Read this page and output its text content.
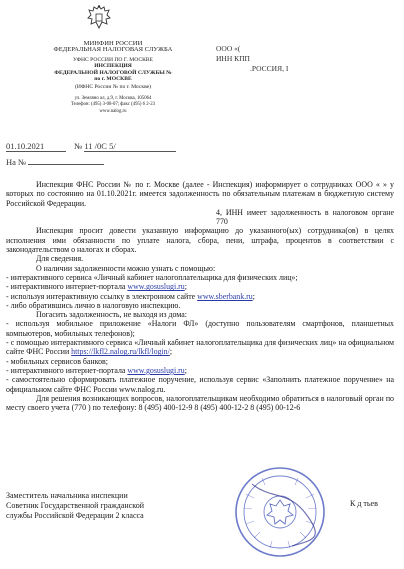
МИНФИН РОССИИ
ФЕДЕРАЛЬНАЯ НАЛОГОВАЯ СЛУЖБА
УФНС РОССИИ ПО Г. МОСКВЕ
ИНСПЕКЦИЯ
ФЕДЕРАЛЬНОЙ НАЛОГОВОЙ СЛУЖБЫ №
по г. МОСКВЕ
(ИФНС России № по г. Москве)
ул. Земляно ал, д.9, г. Москва, 105064
Телефон: (495) 3-08-07; факс (495) 6 2-23
www.nalog.ru
ООО «(
ИНН КПП
.РОССИЯ, I
01.10.2021	№ 11 /0C 5/
На №

Инспекция ФНС России № по г. Москве (далее - Инспекция) информирует о сотрудниках ООО « » у которых по состоянию на 01.10.2021г. имеется задолженность по обязательным платежам в бюджетную систему Российской Федерации.

4, ИНН имеет задолженность в налоговом органе 770

Инспекция просит довести указанную информацию до указанного(ых) сотрудника(ов) в целях исполнения ими обязанности по уплате налога, сбора, пени, штрафа, процентов в соответствии с законодательством о налогах и сборах.

Для сведения.

О наличии задолженности можно узнать с помощью:

- интерактивного сервиса «Личный кабинет налогоплательщика для физических лиц»;

- интерактивного интернет-портала www.gosuslugi.ru;

- используя интерактивную ссылку в электронном сайте www.sberbank.ru;

- либо обратившись лично в налоговую инспекцию.

Погасить задолженность, не выходя из дома:

- используя мобильное приложение «Налоги ФЛ» (доступно пользователям смартфонов, планшетных компьютеров, мобильных телефонов);

- с помощью интерактивного сервиса «Личный кабинет налогоплательщика для физических лиц» на официальном сайте ФНС России https://lkfl2.nalog.ru/lkfl/login/;

- мобильных сервисов банков;

- интерактивного интернет-портала www.gosuslugi.ru;

- самостоятельно сформировать платежное поручение, используя сервис «Заполнить платежное поручение» на официальном сайте ФНС России www.nalog.ru.

Для решения возникающих вопросов, налогоплательщикам необходимо обратиться в налоговый орган по месту своего учета (770 ) по телефону: 8 (495) 400-12-9 8 (495) 400-12-2 8 (495) 00-12-6

Заместитель начальника инспекции
Советник Государственной гражданской
службы Российской Федерации 2 класса
К д тьев
